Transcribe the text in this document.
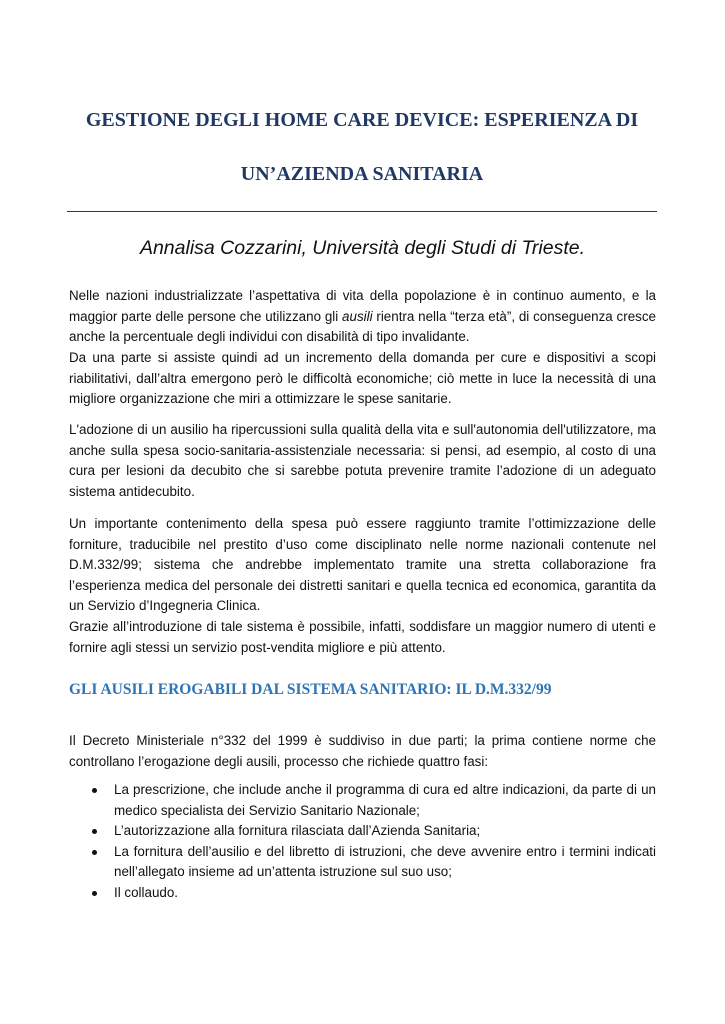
GESTIONE DEGLI HOME CARE DEVICE: ESPERIENZA DI
UN’AZIENDA SANITARIA

Annalisa Cozzarini, Università degli Studi di Trieste.

Nelle nazioni industrializzate l’aspettativa di vita della popolazione è in continuo aumento, e la maggior parte delle persone che utilizzano gli ausili rientra nella “terza età”, di conseguenza cresce anche la percentuale degli individui con disabilità di tipo invalidante.

Da una parte si assiste quindi ad un incremento della domanda per cure e dispositivi a scopi riabilitativi, dall’altra emergono però le difficoltà economiche; ciò mette in luce la necessità di una migliore organizzazione che miri a ottimizzare le spese sanitarie.

L'adozione di un ausilio ha ripercussioni sulla qualità della vita e sull'autonomia dell'utilizzatore, ma anche sulla spesa socio-sanitaria-assistenziale necessaria: si pensi, ad esempio, al costo di una cura per lesioni da decubito che si sarebbe potuta prevenire tramite l’adozione di un adeguato sistema antidecubito.

Un importante contenimento della spesa può essere raggiunto tramite l’ottimizzazione delle forniture, traducibile nel prestito d’uso come disciplinato nelle norme nazionali contenute nel D.M.332/99; sistema che andrebbe implementato tramite una stretta collaborazione fra l’esperienza medica del personale dei distretti sanitari e quella tecnica ed economica, garantita da un Servizio d’Ingegneria Clinica.

Grazie all’introduzione di tale sistema è possibile, infatti, soddisfare un maggior numero di utenti e fornire agli stessi un servizio post-vendita migliore e più attento.

GLI AUSILI EROGABILI DAL SISTEMA SANITARIO: IL D.M.332/99

Il Decreto Ministeriale n°332 del 1999 è suddiviso in due parti; la prima contiene norme che controllano l’erogazione degli ausili, processo che richiede quattro fasi:

La prescrizione, che include anche il programma di cura ed altre indicazioni, da parte di un medico specialista dei Servizio Sanitario Nazionale;
L’autorizzazione alla fornitura rilasciata dall’Azienda Sanitaria;
La fornitura dell’ausilio e del libretto di istruzioni, che deve avvenire entro i termini indicati nell’allegato insieme ad un’attenta istruzione sul suo uso;
Il collaudo.
